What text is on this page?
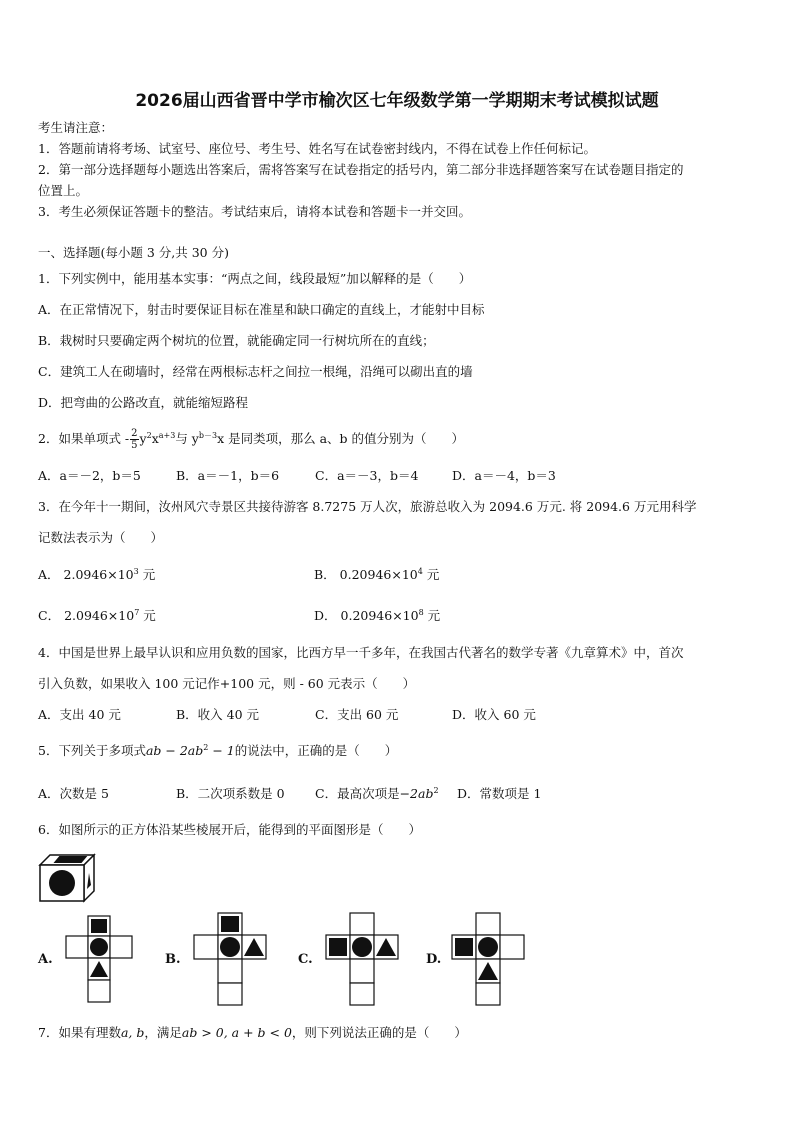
2026届山西省晋中学市榆次区七年级数学第一学期期末考试模拟试题
考生请注意：
1．答题前请将考场、试室号、座位号、考生号、姓名写在试卷密封线内，不得在试卷上作任何标记。
2．第一部分选择题每小题选出答案后，需将答案写在试卷指定的括号内，第二部分非选择题答案写在试卷题目指定的
位置上。
3．考生必须保证答题卡的整洁。考试结束后，请将本试卷和答题卡一并交回。
一、选择题(每小题 3 分,共 30 分)
1．下列实例中，能用基本实事：“两点之间，线段最短”加以解释的是（　　）
A．在正常情况下，射击时要保证目标在准星和缺口确定的直线上，才能射中目标
B．栽树时只要确定两个树坑的位置，就能确定同一行树坑所在的直线；
C．建筑工人在砌墙时，经常在两根标志杆之间拉一根绳，沿绳可以砌出直的墙
D．把弯曲的公路改直，就能缩短路程
2．如果单项式 - $\frac{2}{5} y^2x^{a+3}$与 $y^{b-3}x$ 是同类项，那么 a、b 的值分别为（　　）
A．a＝－2，b＝5	B．a＝－1，b＝6	C．a＝－3，b＝4	D．a＝－4，b＝3
3．在今年十一期间，汝州风穴寺景区共接待游客 8.7275 万人次，旅游总收入为 2094.6 万元. 将 2094.6 万元用科学
记数法表示为（　　）
A． $2.0946\times 10^3$ 元	B． $0.20946\times 10^4$ 元
C． $2.0946\times 10^7$ 元	D． $0.20946\times 10^8$ 元
4．中国是世界上最早认识和应用负数的国家，比西方早一千多年，在我国古代著名的数学专著《九章算术》中，首次
引入负数，如果收入 100 元记作+100 元，则 - 60 元表示（　　）
A．支出 40 元	B．收入 40 元	C．支出 60 元	D．收入 60 元
5．下列关于多项式ab − $2ab^2 - 1$的说法中，正确的是（　　）
A．次数是 5	B．二次项系数是 0 C．最高次项是$-2ab^2$ D．常数项是 1
6．如图所示的正方体沿某些棱展开后，能得到的平面图形是（　　）
A.	B.	C.	D.
7．如果有理数a, b，满足ab > 0, a + b < 0，则下列说法正确的是（　　）
